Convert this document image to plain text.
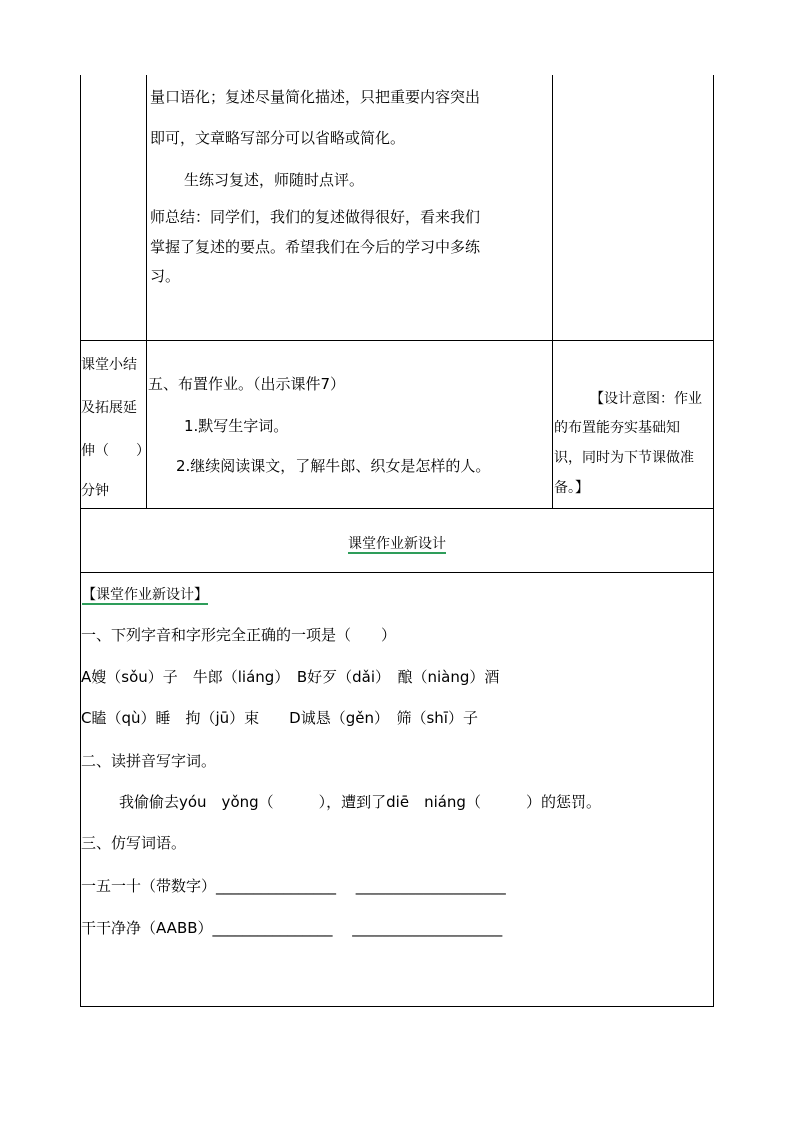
量口语化；复述尽量简化描述，只把重要内容突出
即可，文章略写部分可以省略或简化。
生练习复述，师随时点评。
师总结：同学们，我们的复述做得很好，看来我们
掌握了复述的要点。希望我们在今后的学习中多练
习。
课堂小结
及拓展延
伸（ ）
分钟
五、布置作业。（出示课件7）
1.默写生字词。
2.继续阅读课文，了解牛郎、织女是怎样的人。
【设计意图：作业
的布置能夯实基础知
识，同时为下节课做准
备。】
课堂作业新设计
【课堂作业新设计】
一、下列字音和字形完全正确的一项是（　　）
A嫂（sǒu）子　牛郎（liáng）　B好歹（dǎi）　酿（niàng）酒
C瞌（qù）睡　拘（jū）束　　D诚恳（gěn）　筛（shī）子
二、读拼音写字词。
我偷偷去yóu　yǒng（　　　），遭到了diē　niáng（　　　）的惩罚。
三、仿写词语。
一五一十（带数字）________________　 ____________________
干干净净（AABB）________________　 ____________________
